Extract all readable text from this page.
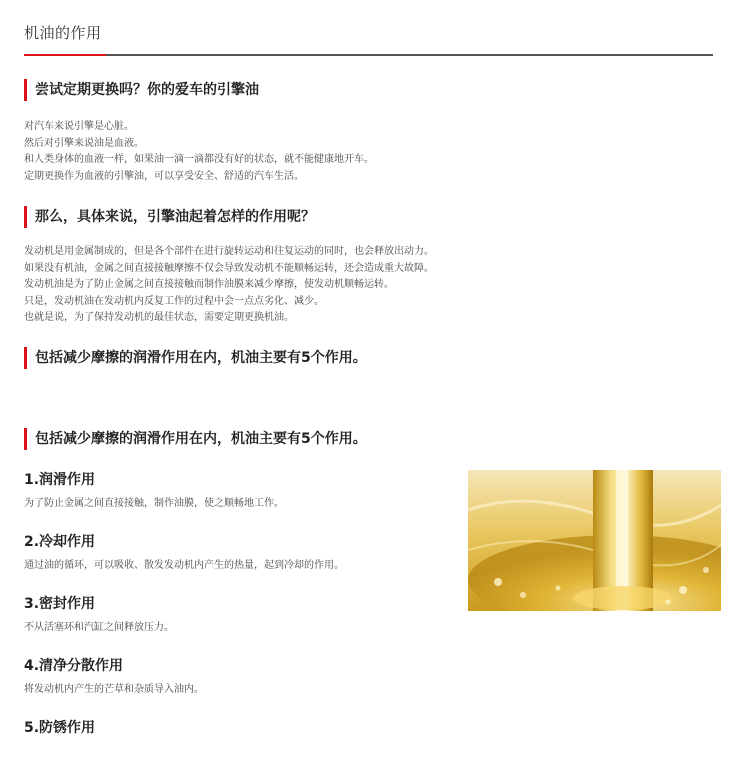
机油的作用
尝试定期更换吗？你的爱车的引擎油
对汽车来说引擎是心脏。
然后对引擎来说油是血液。
和人类身体的血液一样，如果油一滴一滴都没有好的状态，就不能健康地开车。
定期更换作为血液的引擎油，可以享受安全、舒适的汽车生活。
那么，具体来说，引擎油起着怎样的作用呢？
发动机是用金属制成的，但是各个部件在进行旋转运动和往复运动的同时，也会释放出动力。
如果没有机油，金属之间直接接触摩擦不仅会导致发动机不能顺畅运转，还会造成重大故障。
发动机油是为了防止金属之间直接接触而制作油膜来减少摩擦，使发动机顺畅运转。
只是，发动机油在发动机内反复工作的过程中会一点点劣化、减少。
也就是说，为了保持发动机的最佳状态，需要定期更换机油。
包括减少摩擦的润滑作用在内，机油主要有5个作用。
包括减少摩擦的润滑作用在内，机油主要有5个作用。
1.润滑作用
为了防止金属之间直接接触，制作油膜，使之顺畅地工作。
2.冷却作用
通过油的循环，可以吸收、散发发动机内产生的热量，起到冷却的作用。
3.密封作用
不从活塞环和汽缸之间释放压力。
4.清净分散作用
将发动机内产生的芒草和杂质导入油内。
5.防锈作用
